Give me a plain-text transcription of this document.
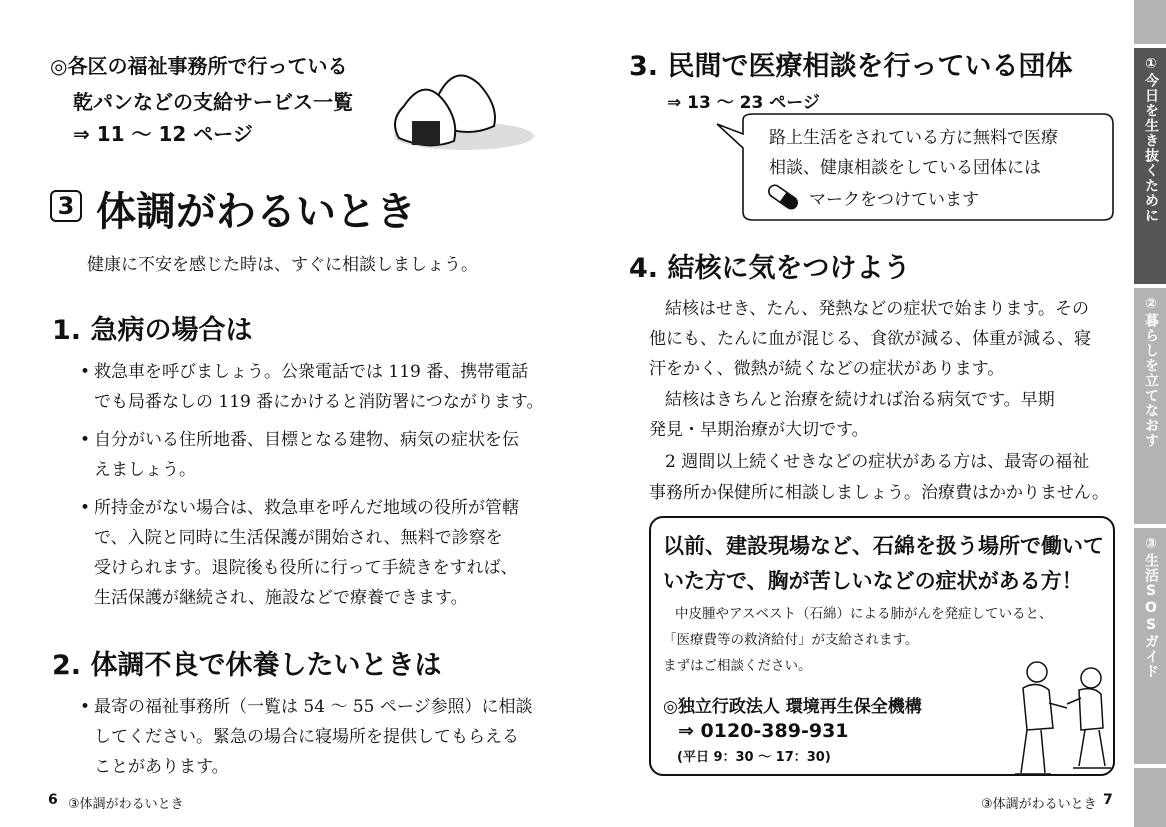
◎各区の福祉事務所で行っている
乾パンなどの支給サービス一覧
⇒ 11 ～ 12 ページ
3 体調がわるいとき
健康に不安を感じた時は、すぐに相談しましょう。
1. 急病の場合は
• 救急車を呼びましょう。公衆電話では 119 番、携帯電話
でも局番なしの 119 番にかけると消防署につながります。
• 自分がいる住所地番、目標となる建物、病気の症状を伝
えましょう。
• 所持金がない場合は、救急車を呼んだ地域の役所が管轄
で、入院と同時に生活保護が開始され、無料で診察を
受けられます。退院後も役所に行って手続きをすれば、
生活保護が継続され、施設などで療養できます。
2. 体調不良で休養したいときは
• 最寄の福祉事務所（一覧は 54 ～ 55 ページ参照）に相談
してください。緊急の場合に寝場所を提供してもらえる
ことがあります。
6 ③体調がわるいとき
3. 民間で医療相談を行っている団体
⇒ 13 ～ 23 ページ
路上生活をされている方に無料で医療
相談、健康相談をしている団体には
マークをつけています
4. 結核に気をつけよう
結核はせき、たん、発熱などの症状で始まります。その
他にも、たんに血が混じる、食欲が減る、体重が減る、寝
汗をかく、微熱が続くなどの症状があります。
結核はきちんと治療を続ければ治る病気です。早期
発見・早期治療が大切です。
2 週間以上続くせきなどの症状がある方は、最寄の福祉
事務所か保健所に相談しましょう。治療費はかかりません。
以前、建設現場など、石綿を扱う場所で働いて
いた方で、胸が苦しいなどの症状がある方！
中皮腫やアスベスト（石綿）による肺がんを発症していると、
「医療費等の救済給付」が支給されます。
まずはご相談ください。
◎独立行政法人 環境再生保全機構
⇒ 0120-389-931
(平日 9：30 ～ 17：30)
③体調がわるいとき 7
①今日を生き抜くために
②暮らしを立てなおす
③生活SOSガイド
